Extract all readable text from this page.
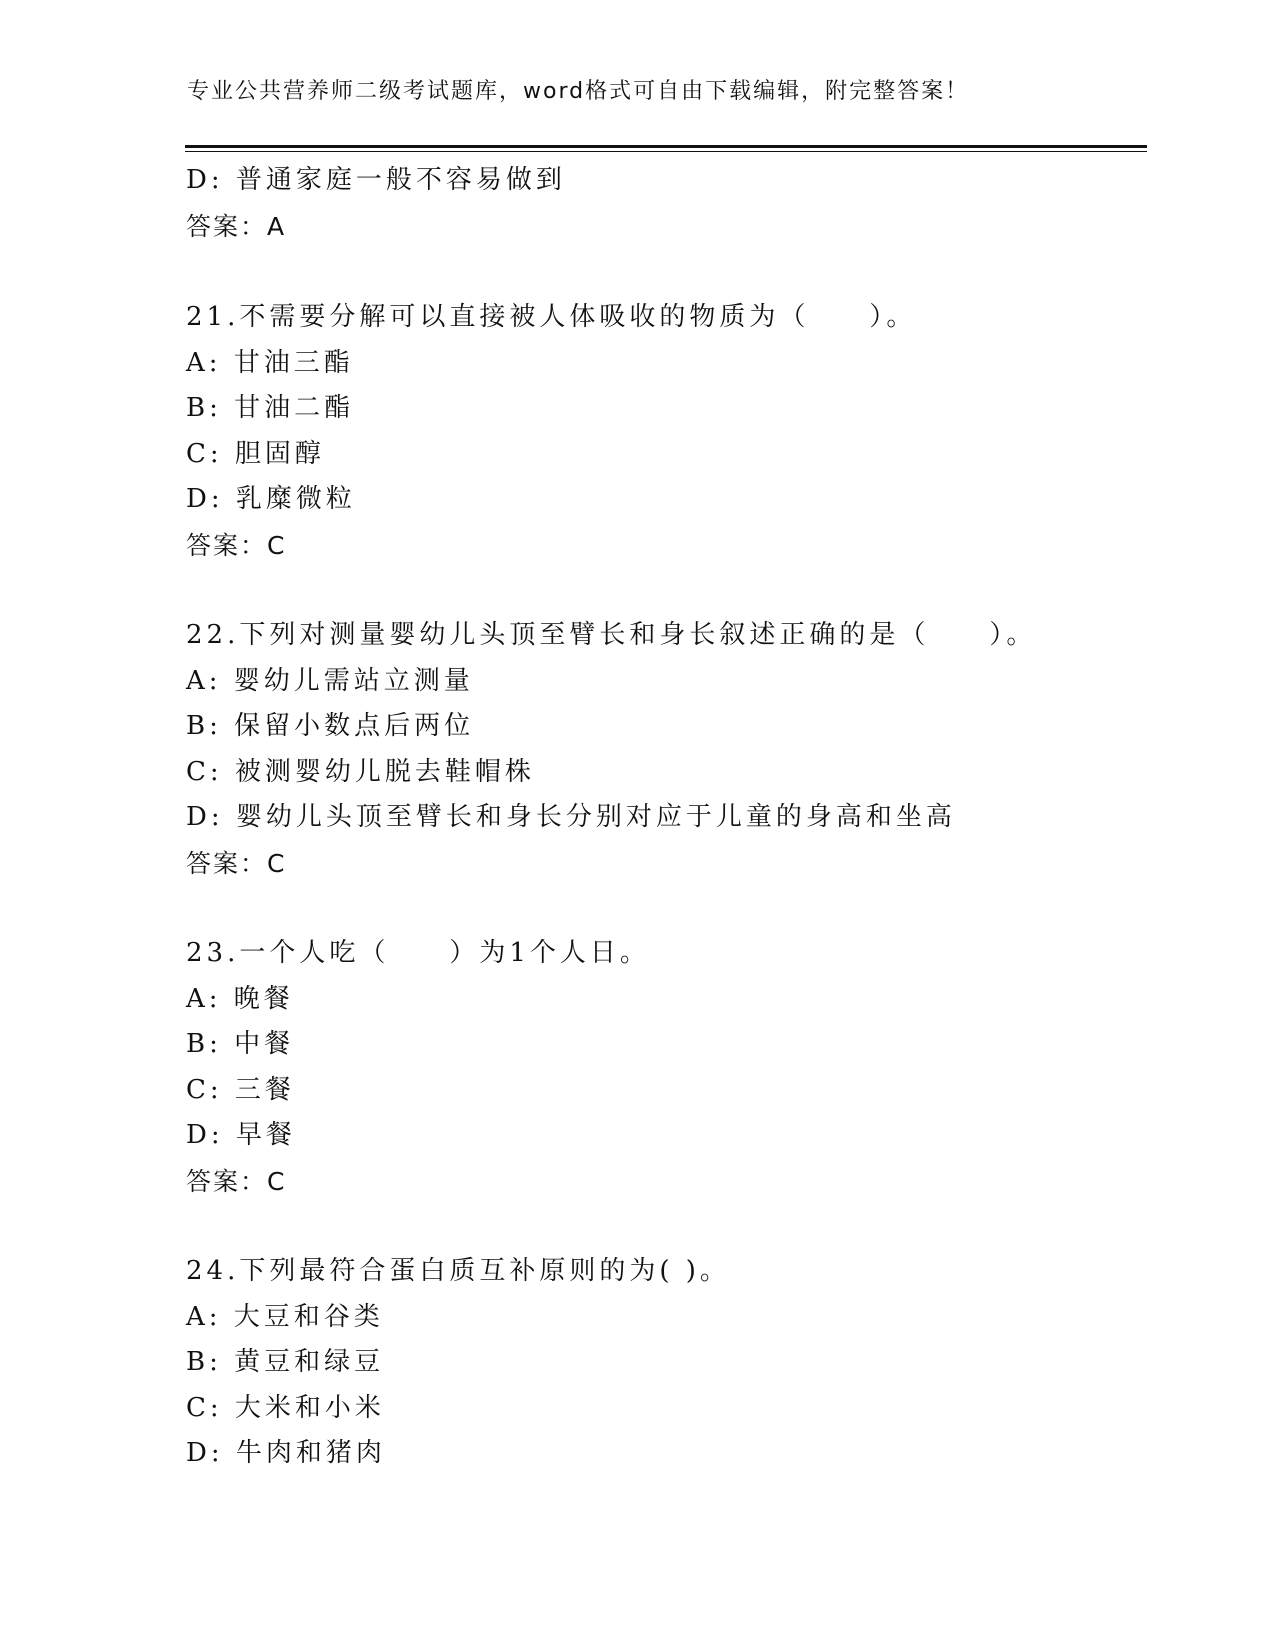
专业公共营养师二级考试题库，word格式可自由下载编辑，附完整答案！
D: 普通家庭一般不容易做到
答案：A
21.不需要分解可以直接被人体吸收的物质为（　　）。
A: 甘油三酯
B: 甘油二酯
C: 胆固醇
D: 乳糜微粒
答案：C
22.下列对测量婴幼儿头顶至臂长和身长叙述正确的是（　　）。
A: 婴幼儿需站立测量
B: 保留小数点后两位
C: 被测婴幼儿脱去鞋帽株
D: 婴幼儿头顶至臂长和身长分别对应于儿童的身高和坐高
答案：C
23.一个人吃（　　）为1个人日。
A: 晚餐
B: 中餐
C: 三餐
D: 早餐
答案：C
24.下列最符合蛋白质互补原则的为( )。
A: 大豆和谷类
B: 黄豆和绿豆
C: 大米和小米
D: 牛肉和猪肉
